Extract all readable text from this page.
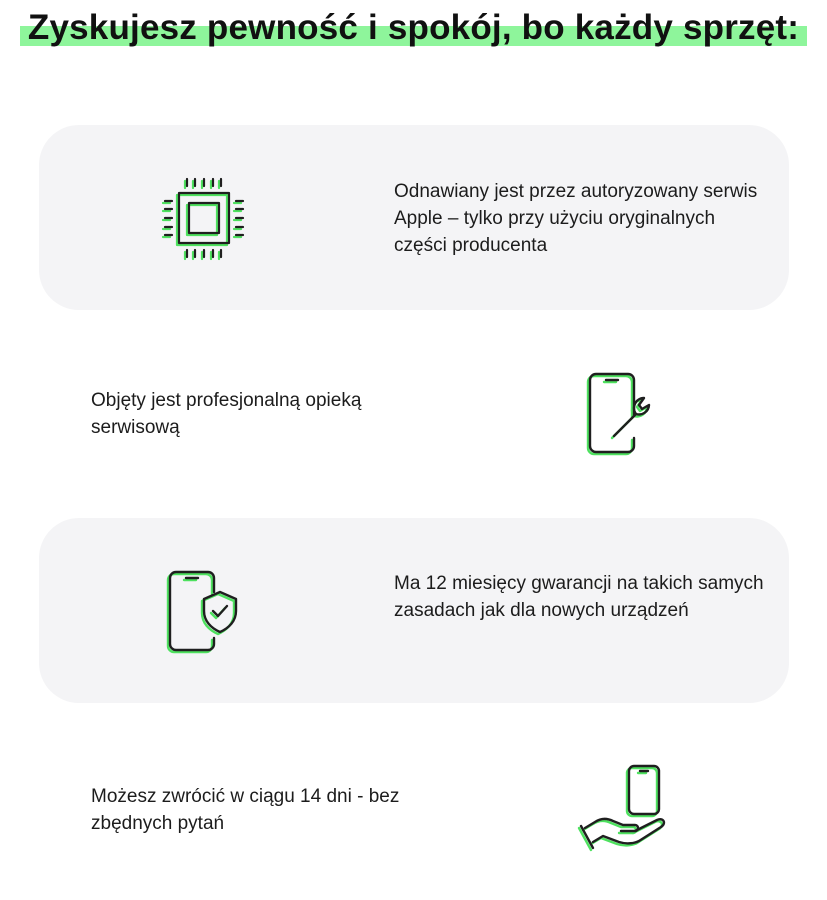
Zyskujesz pewność i spokój, bo każdy sprzęt:
Odnawiany jest przez autoryzowany serwis Apple – tylko przy użyciu oryginalnych części producenta
Objęty jest profesjonalną opieką serwisową
Ma 12 miesięcy gwarancji na takich samych zasadach jak dla nowych urządzeń
Możesz zwrócić w ciągu 14 dni - bez zbędnych pytań
